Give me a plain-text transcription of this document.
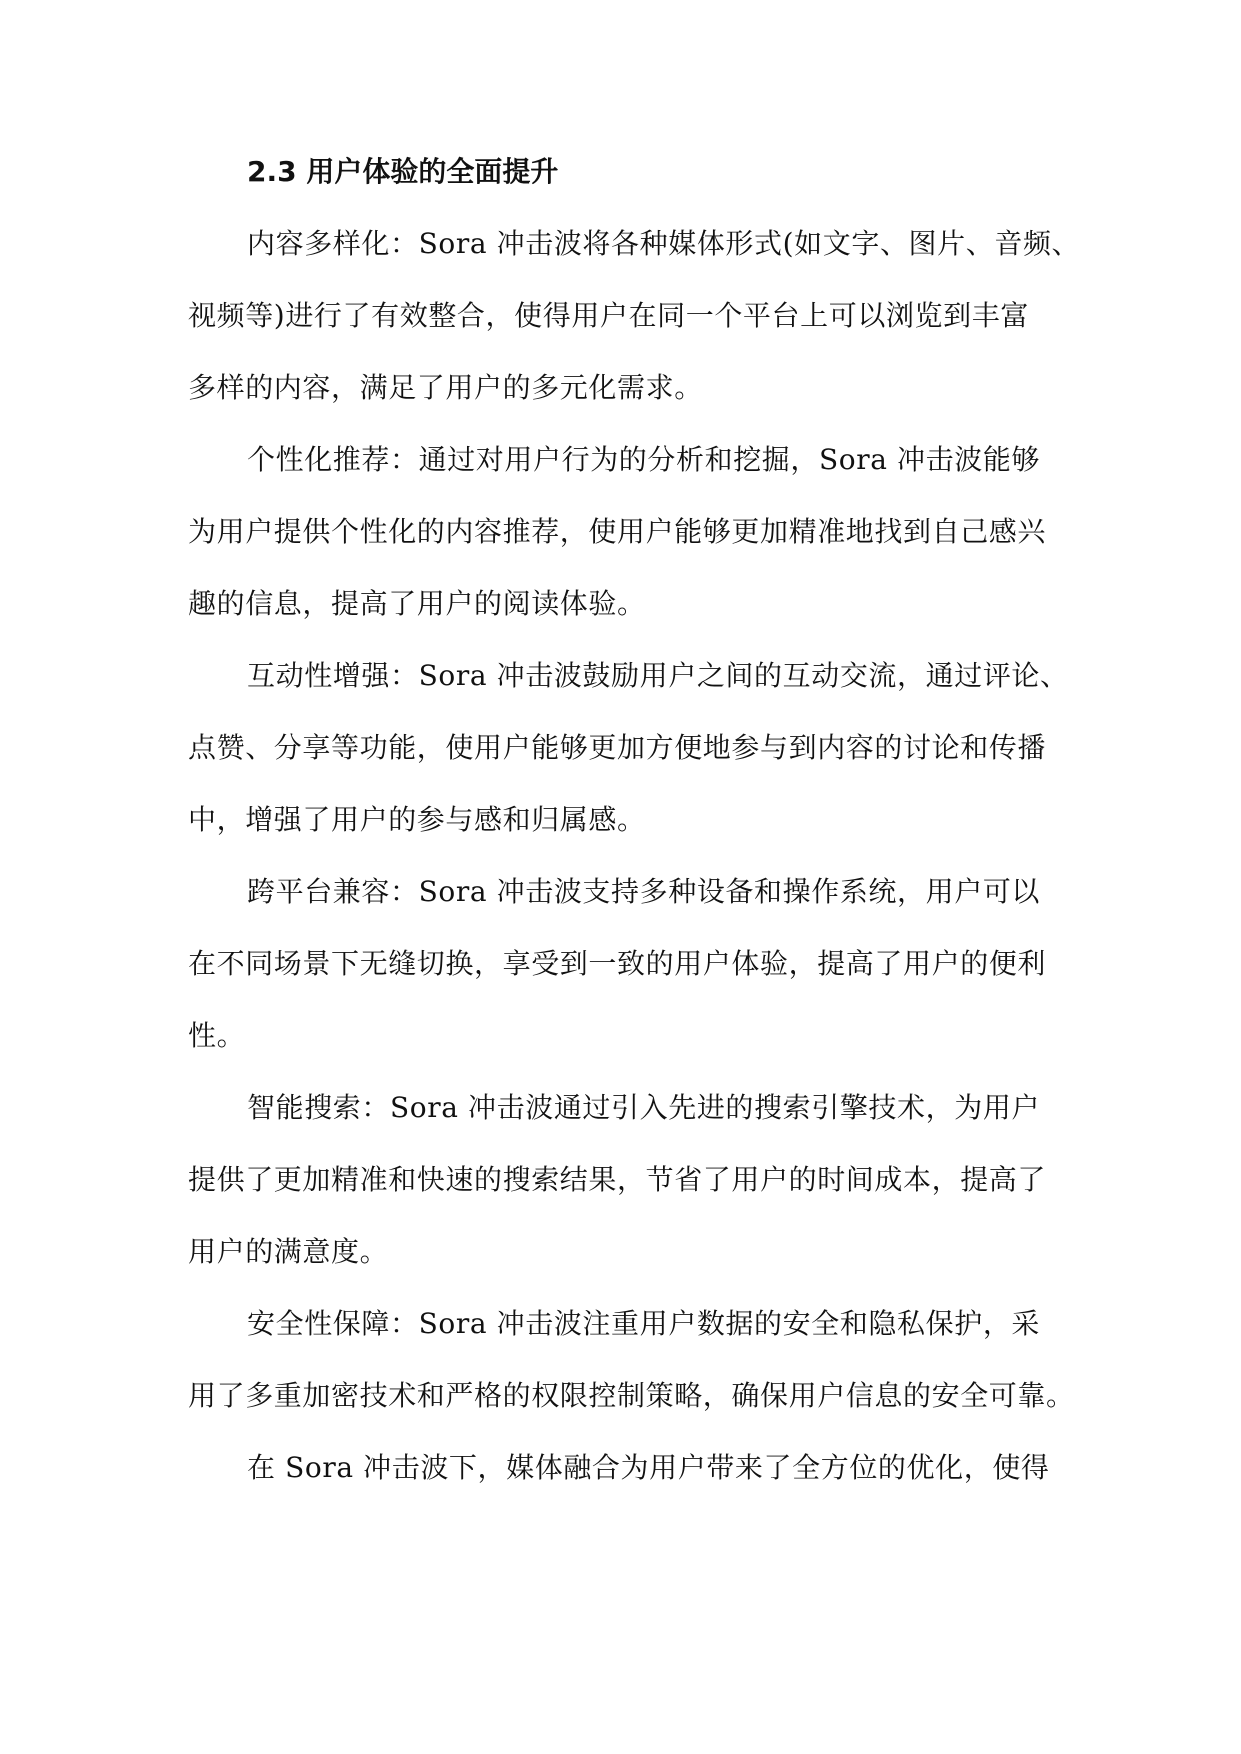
2.3 用户体验的全面提升
内容多样化：Sora 冲击波将各种媒体形式(如文字、图片、音频、
视频等)进行了有效整合，使得用户在同一个平台上可以浏览到丰富
多样的内容，满足了用户的多元化需求。
个性化推荐：通过对用户行为的分析和挖掘，Sora 冲击波能够
为用户提供个性化的内容推荐，使用户能够更加精准地找到自己感兴
趣的信息，提高了用户的阅读体验。
互动性增强：Sora 冲击波鼓励用户之间的互动交流，通过评论、
点赞、分享等功能，使用户能够更加方便地参与到内容的讨论和传播
中，增强了用户的参与感和归属感。
跨平台兼容：Sora 冲击波支持多种设备和操作系统，用户可以
在不同场景下无缝切换，享受到一致的用户体验，提高了用户的便利
性。
智能搜索：Sora 冲击波通过引入先进的搜索引擎技术，为用户
提供了更加精准和快速的搜索结果，节省了用户的时间成本，提高了
用户的满意度。
安全性保障：Sora 冲击波注重用户数据的安全和隐私保护，采
用了多重加密技术和严格的权限控制策略，确保用户信息的安全可靠。
在 Sora 冲击波下，媒体融合为用户带来了全方位的优化，使得
